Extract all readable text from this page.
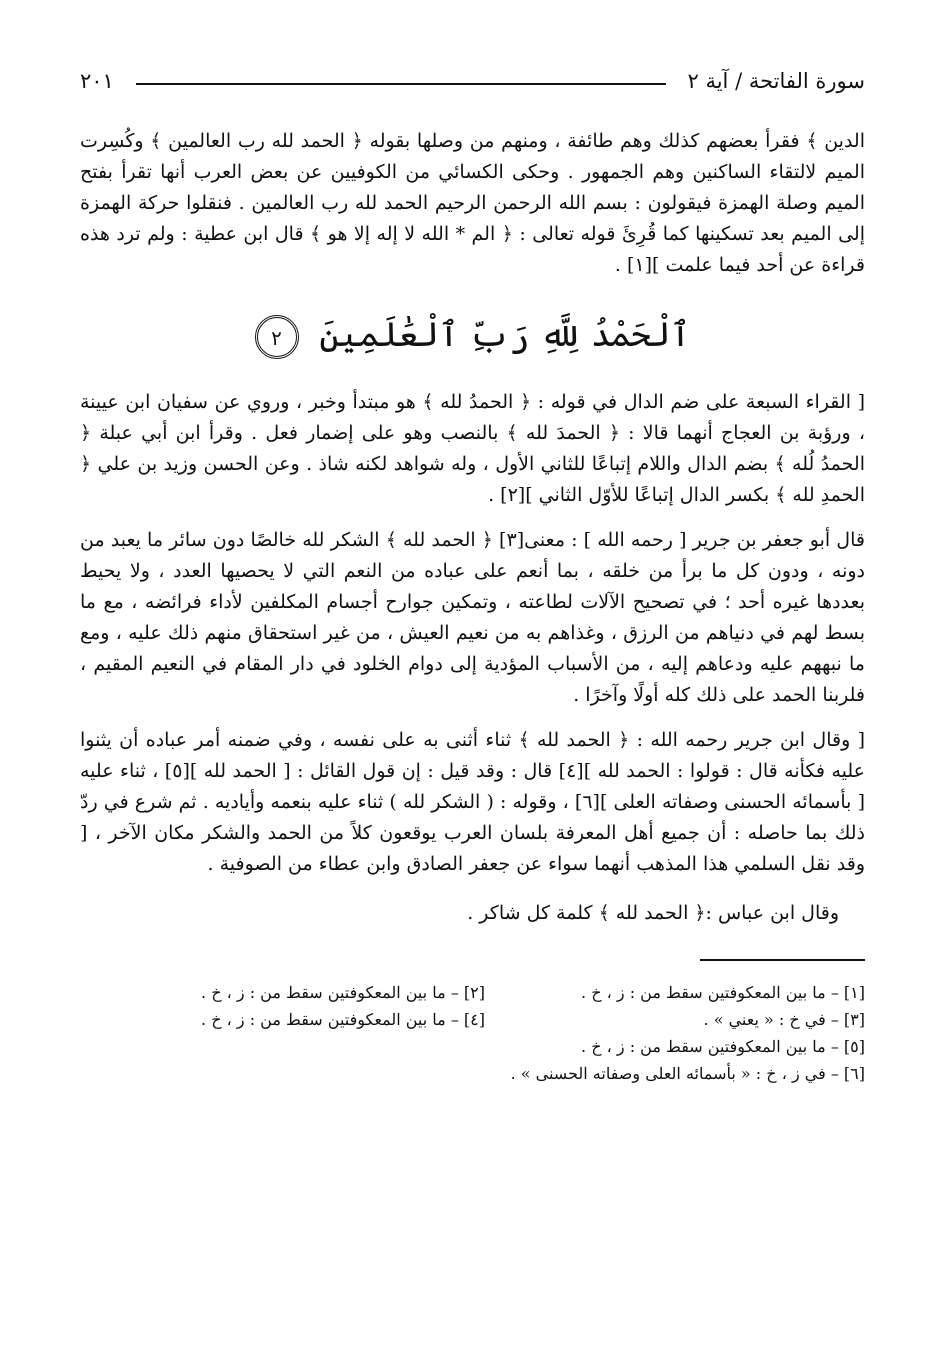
سورة الفاتحة / آية ٢
٢٠١

الدين ﴾ فقرأ بعضهم كذلك وهم طائفة ، ومنهم من وصلها بقوله ﴿ الحمد لله رب العالمين ﴾ وكُسِرت الميم لالتقاء الساكنين وهم الجمهور . وحكى الكسائي من الكوفيين عن بعض العرب أنها تقرأ بفتح الميم وصلة الهمزة فيقولون : بسم الله الرحمن الرحيم الحمد لله رب العالمين . فنقلوا حركة الهمزة إلى الميم بعد تسكينها كما قُرِئَ قوله تعالى : ﴿ الم * الله لا إله إلا هو ﴾ قال ابن عطية : ولم ترد هذه قراءة عن أحد فيما علمت ][١] .

ٱلْحَمْدُ لِلَّهِ رَبِّ ٱلْعَٰلَمِينَ ٢

[ القراء السبعة على ضم الدال في قوله : ﴿ الحمدُ لله ﴾ هو مبتدأ وخبر ، وروي عن سفيان ابن عيينة ، ورؤبة بن العجاج أنهما قالا : ﴿ الحمدَ لله ﴾ بالنصب وهو على إضمار فعل . وقرأ ابن أبي عبلة ﴿ الحمدُ لُله ﴾ بضم الدال واللام إتباعًا للثاني الأول ، وله شواهد لكنه شاذ . وعن الحسن وزيد بن علي ﴿ الحمدِ لله ﴾ بكسر الدال إتباعًا للأوّل الثاني ][٢] .

قال أبو جعفر بن جرير [ رحمه الله ] : معنى[٣] ﴿ الحمد لله ﴾ الشكر لله خالصًا دون سائر ما يعبد من دونه ، ودون كل ما برأ من خلقه ، بما أنعم على عباده من النعم التي لا يحصيها العدد ، ولا يحيط بعددها غيره أحد ؛ في تصحيح الآلات لطاعته ، وتمكين جوارح أجسام المكلفين لأداء فرائضه ، مع ما بسط لهم في دنياهم من الرزق ، وغذاهم به من نعيم العيش ، من غير استحقاق منهم ذلك عليه ، ومع ما نبههم عليه ودعاهم إليه ، من الأسباب المؤدية إلى دوام الخلود في دار المقام في النعيم المقيم ، فلربنا الحمد على ذلك كله أولًا وآخرًا .

[ وقال ابن جرير رحمه الله : ﴿ الحمد لله ﴾ ثناء أثنى به على نفسه ، وفي ضمنه أمر عباده أن يثنوا عليه فكأنه قال : قولوا : الحمد لله ][٤] قال : وقد قيل : إن قول القائل : [ الحمد لله ][٥] ، ثناء عليه [ بأسمائه الحسنى وصفاته العلى ][٦] ، وقوله : ( الشكر لله ) ثناء عليه بنعمه وأياديه . ثم شرع في ردّ ذلك بما حاصله : أن جميع أهل المعرفة بلسان العرب يوقعون كلاً من الحمد والشكر مكان الآخر ، [ وقد نقل السلمي هذا المذهب أنهما سواء عن جعفر الصادق وابن عطاء من الصوفية .

وقال ابن عباس :﴿ الحمد لله ﴾ كلمة كل شاكر .

[١] – ما بين المعكوفتين سقط من : ز ، خ .
[٢] – ما بين المعكوفتين سقط من : ز ، خ .
[٣] – في خ : « يعني » .
[٤] – ما بين المعكوفتين سقط من : ز ، خ .
[٥] – ما بين المعكوفتين سقط من : ز ، خ .
[٦] – في ز ، خ : « بأسمائه العلى وصفاته الحسنى » .
